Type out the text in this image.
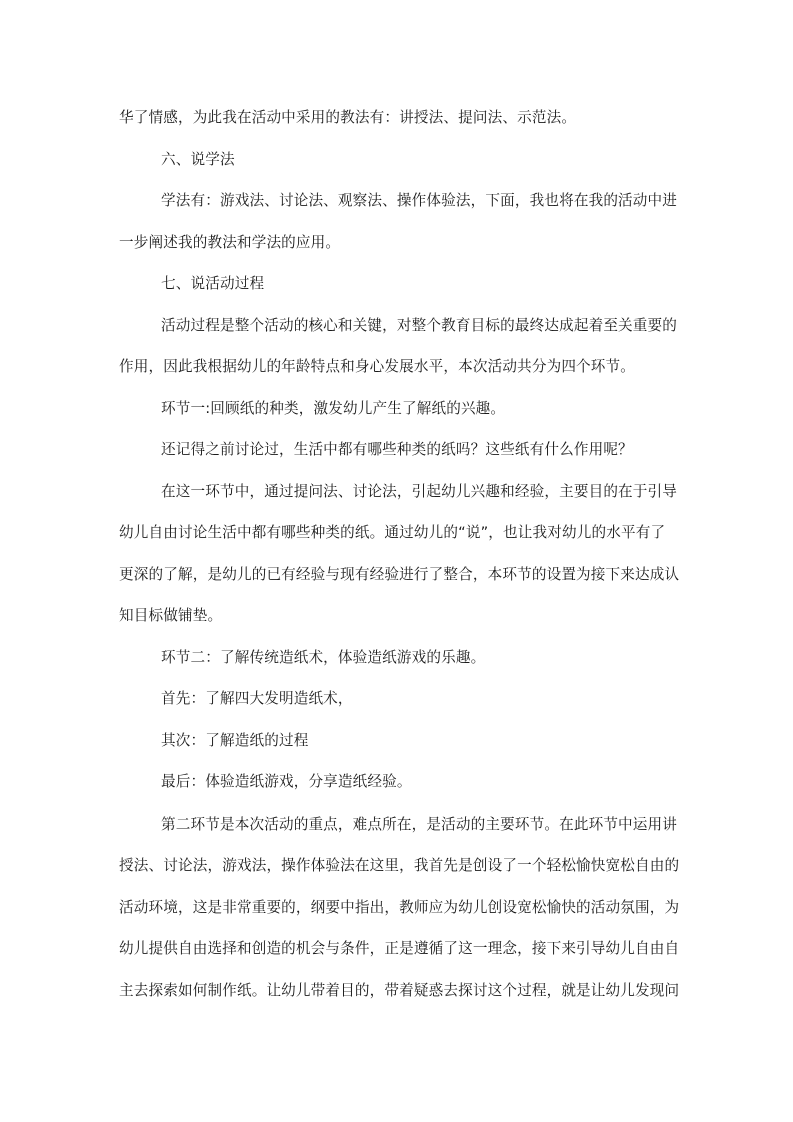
华了情感，为此我在活动中采用的教法有：讲授法、提问法、示范法。
六、说学法
学法有：游戏法、讨论法、观察法、操作体验法，下面，我也将在我的活动中进
一步阐述我的教法和学法的应用。
七、说活动过程
活动过程是整个活动的核心和关键，对整个教育目标的最终达成起着至关重要的
作用，因此我根据幼儿的年龄特点和身心发展水平，本次活动共分为四个环节。
环节一:回顾纸的种类，激发幼儿产生了解纸的兴趣。
还记得之前讨论过，生活中都有哪些种类的纸吗？这些纸有什么作用呢？
在这一环节中，通过提问法、讨论法，引起幼儿兴趣和经验，主要目的在于引导
幼儿自由讨论生活中都有哪些种类的纸。通过幼儿的“说”，也让我对幼儿的水平有了
更深的了解，是幼儿的已有经验与现有经验进行了整合，本环节的设置为接下来达成认
知目标做铺垫。
环节二：了解传统造纸术，体验造纸游戏的乐趣。
首先：了解四大发明造纸术，
其次：了解造纸的过程
最后：体验造纸游戏，分享造纸经验。
第二环节是本次活动的重点，难点所在，是活动的主要环节。在此环节中运用讲
授法、讨论法，游戏法，操作体验法在这里，我首先是创设了一个轻松愉快宽松自由的
活动环境，这是非常重要的，纲要中指出，教师应为幼儿创设宽松愉快的活动氛围，为
幼儿提供自由选择和创造的机会与条件，正是遵循了这一理念，接下来引导幼儿自由自
主去探索如何制作纸。让幼儿带着目的，带着疑惑去探讨这个过程，就是让幼儿发现问
